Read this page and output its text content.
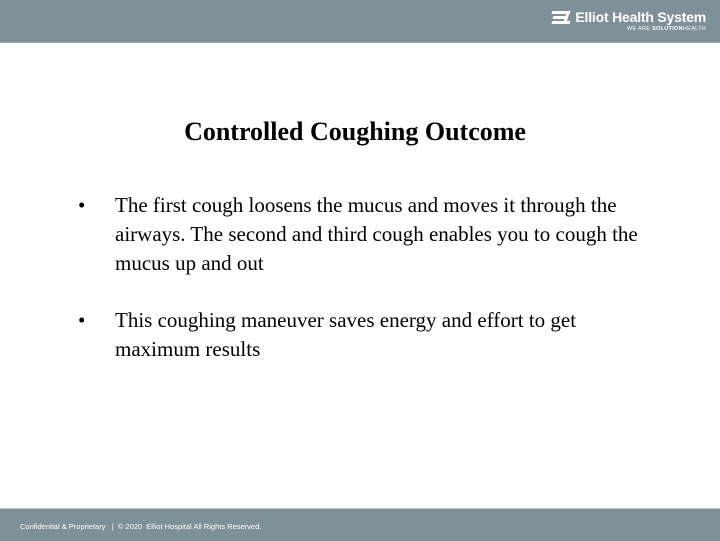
Elliot Health System
WE ARE SOLUTIONHEALTH
Controlled Coughing Outcome
•	The first cough loosens the mucus and moves it through the airways. The second and third cough enables you to cough the mucus up and out
•	This coughing maneuver saves energy and effort to get maximum results
Confidential & Proprietary   |  © 2020  Elliot Hospital All Rights Reserved.
